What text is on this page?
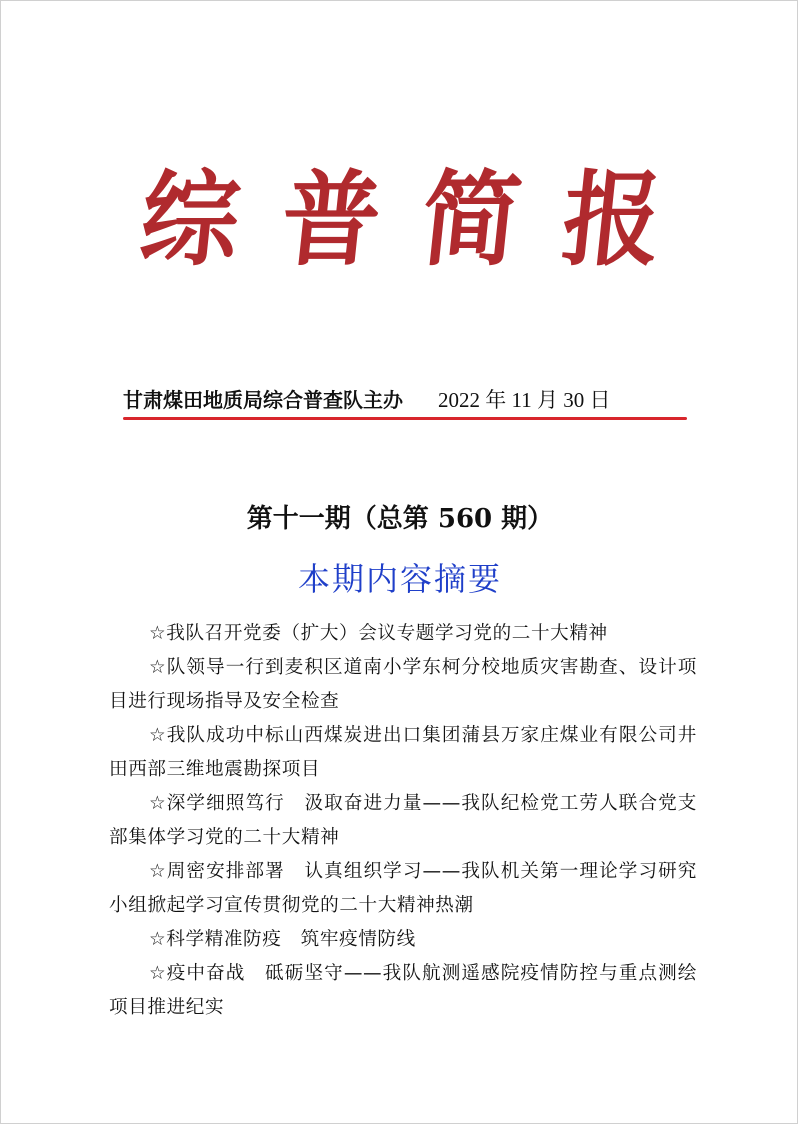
综 普 简 报
甘肃煤田地质局综合普查队主办 2022 年 11 月 30 日
第十一期（总第 560 期）
本期内容摘要
☆我队召开党委（扩大）会议专题学习党的二十大精神
☆队领导一行到麦积区道南小学东柯分校地质灾害勘查、设计项目进行现场指导及安全检查
☆我队成功中标山西煤炭进出口集团蒲县万家庄煤业有限公司井田西部三维地震勘探项目
☆深学细照笃行　汲取奋进力量——我队纪检党工劳人联合党支部集体学习党的二十大精神
☆周密安排部署　认真组织学习——我队机关第一理论学习研究小组掀起学习宣传贯彻党的二十大精神热潮
☆科学精准防疫　筑牢疫情防线
☆疫中奋战　砥砺坚守——我队航测遥感院疫情防控与重点测绘项目推进纪实
